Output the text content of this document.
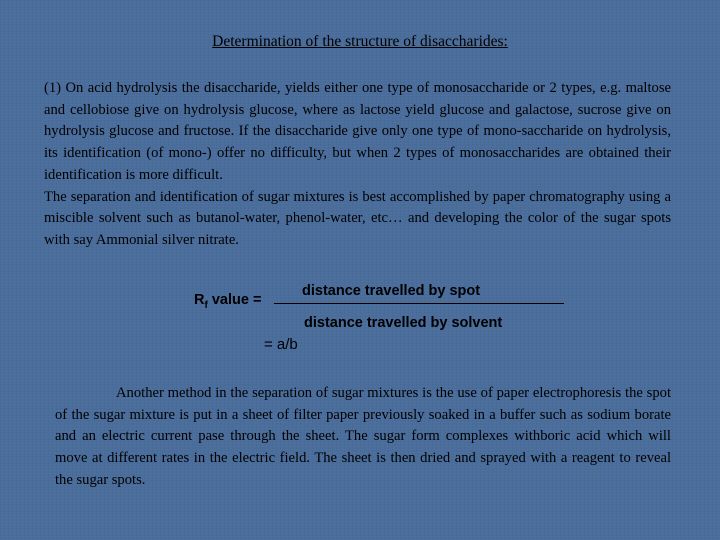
Determination of the structure of disaccharides:

(1) On acid hydrolysis the disaccharide, yields either one type of monosaccharide or 2 types, e.g. maltose and cellobiose give on hydrolysis glucose, where as lactose yield glucose and galactose, sucrose give on hydrolysis glucose and fructose. If the disaccharide give only one type of mono-saccharide on hydrolysis, its identification (of mono-) offer no difficulty, but when 2 types of monosaccharides are obtained their identification is more difficult.

The separation and identification of sugar mixtures is best accomplished by paper chromatography using a miscible solvent such as butanol-water, phenol-water, etc… and developing the color of the sugar spots with say Ammonial silver nitrate.

$R_f$ value =
distance travelled by spot
distance travelled by solvent
= a/b

Another method in the separation of sugar mixtures is the use of paper electrophoresis the spot of the sugar mixture is put in a sheet of filter paper previously soaked in a buffer such as sodium borate and an electric current pase through the sheet. The sugar form complexes withboric acid which will move at different rates in the electric field. The sheet is then dried and sprayed with a reagent to reveal the sugar spots.
